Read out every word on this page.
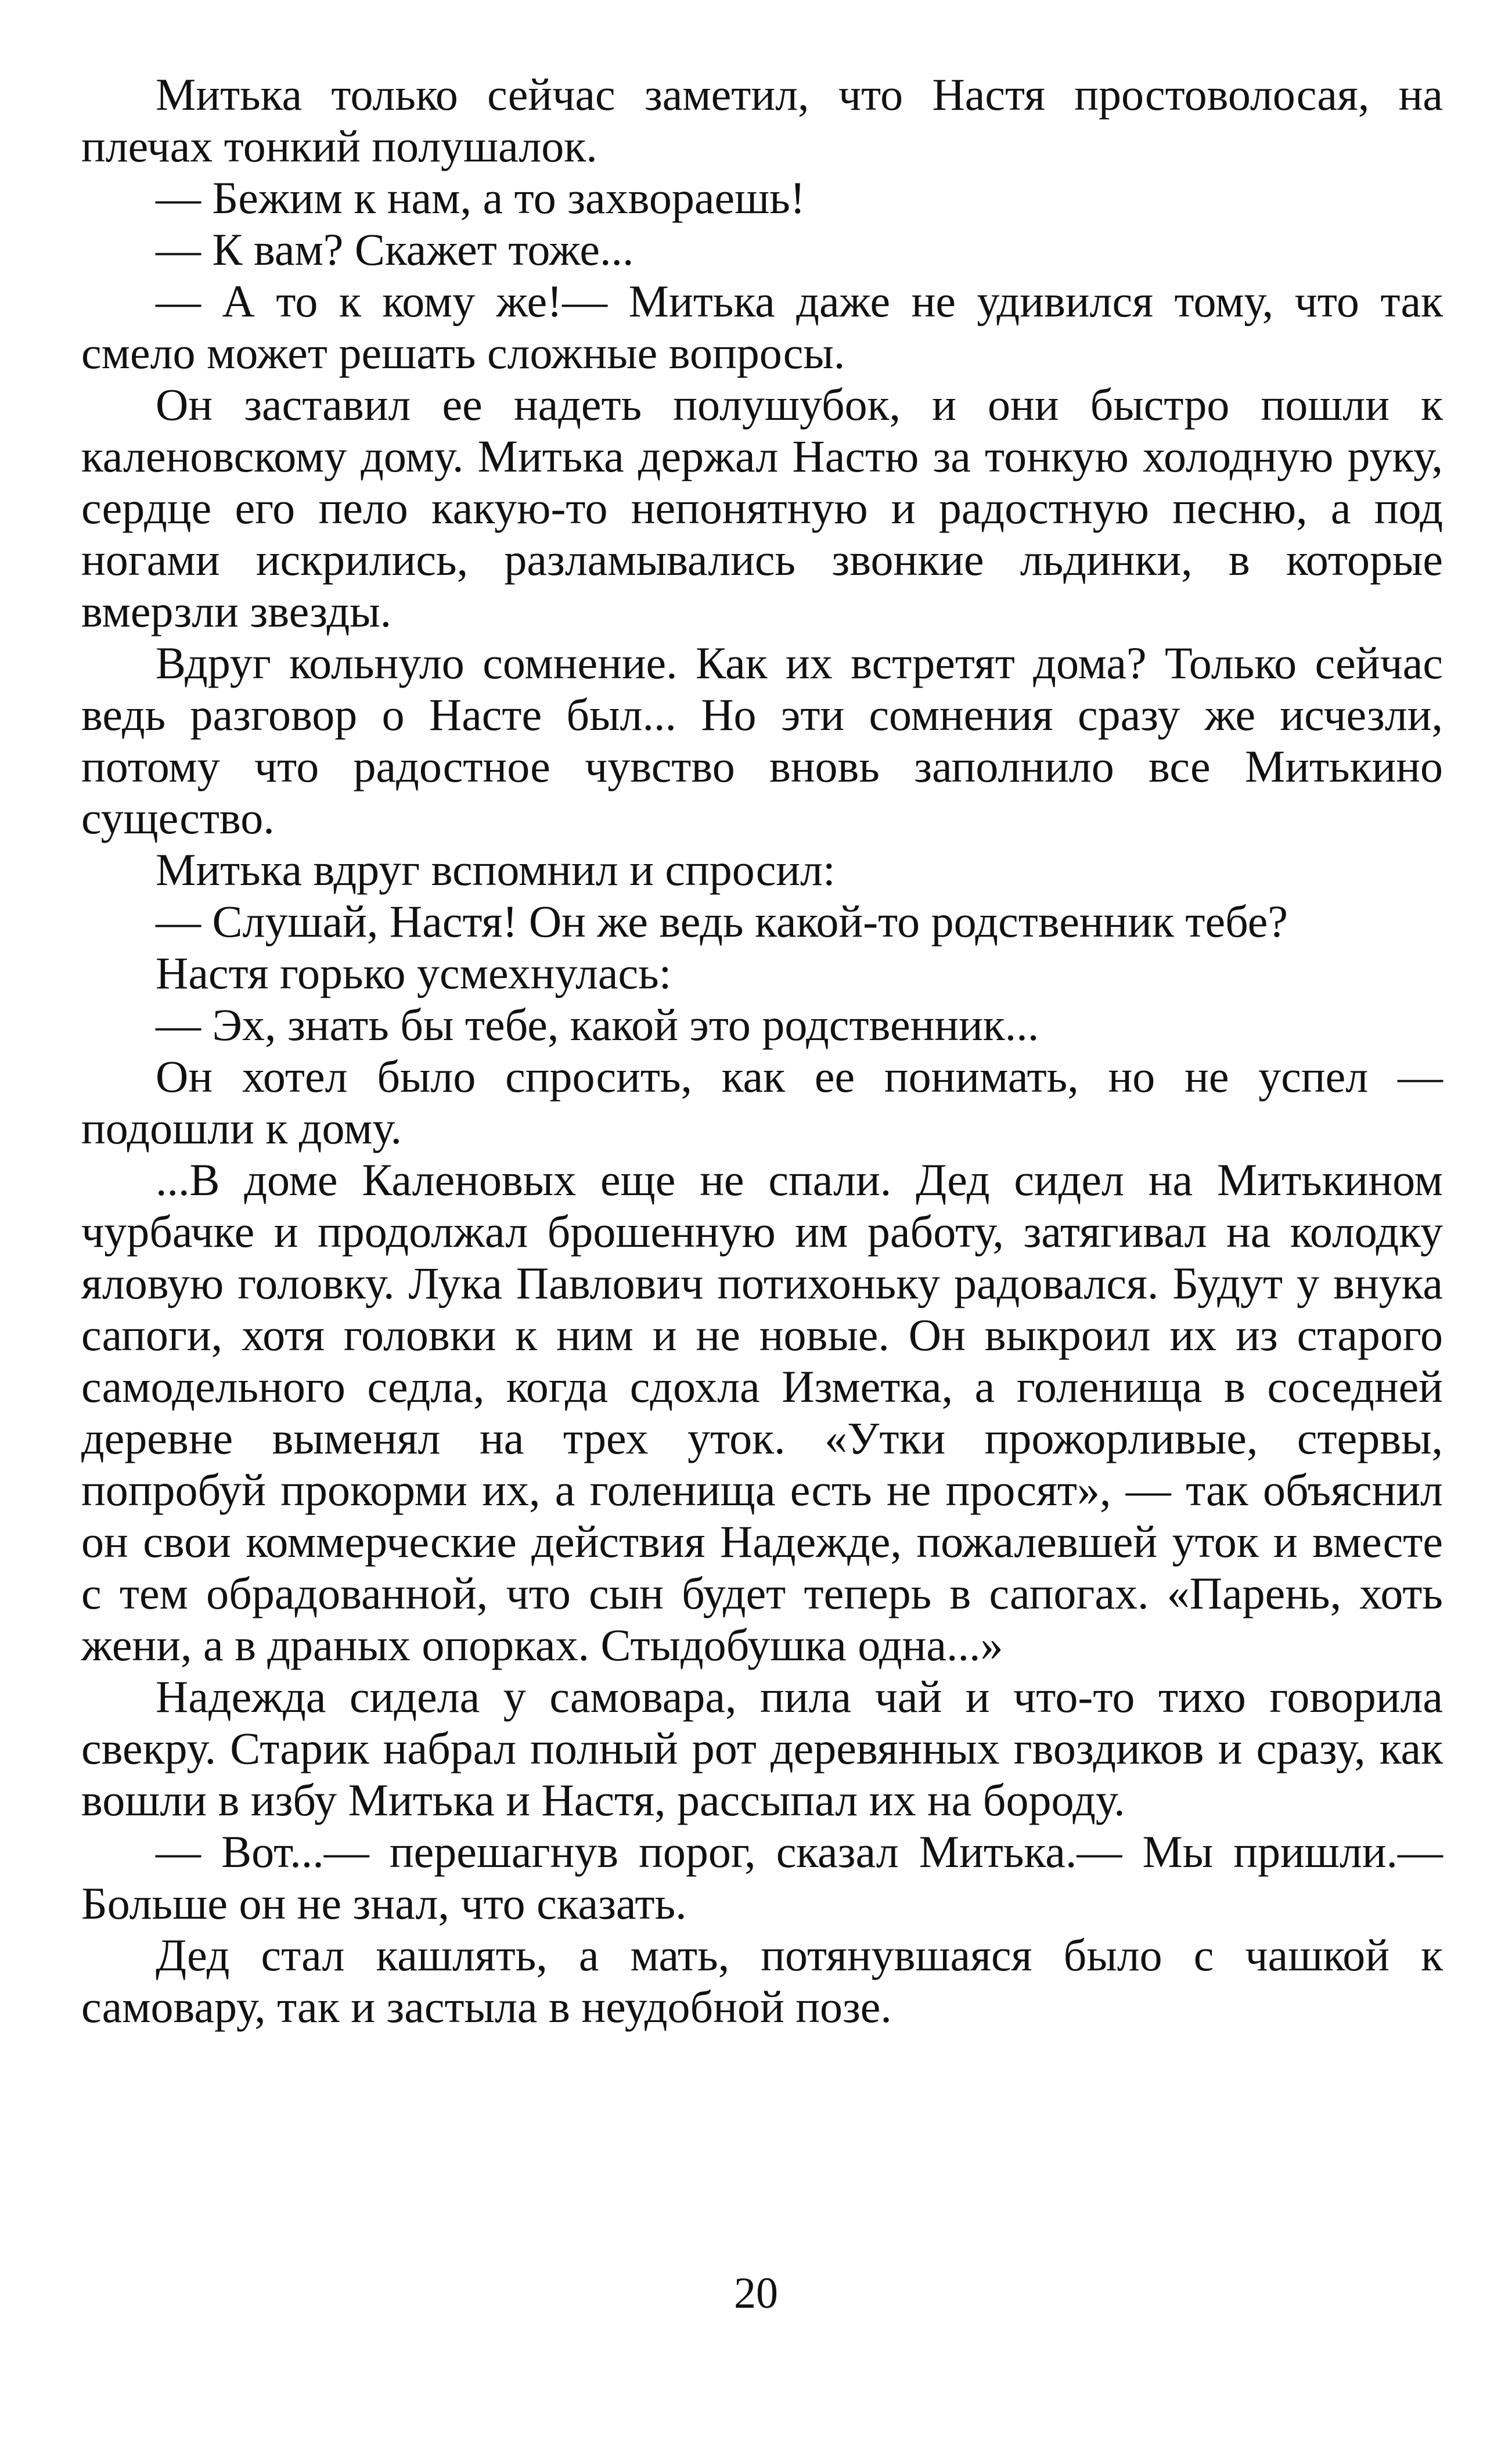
Митька только сейчас заметил, что Настя простоволосая, на плечах тонкий полушалок.

— Бежим к нам, а то захвораешь!

— К вам? Скажет тоже...

— А то к кому же!— Митька даже не удивился тому, что так смело может решать сложные вопросы.

Он заставил ее надеть полушубок, и они быстро пошли к каленовскому дому. Митька держал Настю за тонкую холодную руку, сердце его пело какую-то непонятную и радостную песню, а под ногами искрились, разламывались звонкие льдинки, в которые вмерзли звезды.

Вдруг кольнуло сомнение. Как их встретят дома? Только сейчас ведь разговор о Насте был... Но эти сомнения сразу же исчезли, потому что радостное чувство вновь заполнило все Митькино существо.

Митька вдруг вспомнил и спросил:

— Слушай, Настя! Он же ведь какой-то родственник тебе?

Настя горько усмехнулась:

— Эх, знать бы тебе, какой это родственник...

Он хотел было спросить, как ее понимать, но не успел — подошли к дому.

...В доме Каленовых еще не спали. Дед сидел на Митькином чурбачке и продолжал брошенную им работу, затягивал на колодку яловую головку. Лука Павлович потихоньку радовался. Будут у внука сапоги, хотя головки к ним и не новые. Он выкроил их из старого самодельного седла, когда сдохла Изметка, а голенища в соседней деревне выменял на трех уток. «Утки прожорливые, стервы, попробуй прокорми их, а голенища есть не просят», — так объяснил он свои коммерческие действия Надежде, пожалевшей уток и вместе с тем обрадованной, что сын будет теперь в сапогах. «Парень, хоть жени, а в драных опорках. Стыдобушка одна...»

Надежда сидела у самовара, пила чай и что-то тихо говорила свекру. Старик набрал полный рот деревянных гвоздиков и сразу, как вошли в избу Митька и Настя, рассыпал их на бороду.

— Вот...— перешагнув порог, сказал Митька.— Мы пришли.— Больше он не знал, что сказать.

Дед стал кашлять, а мать, потянувшаяся было с чашкой к самовару, так и застыла в неудобной позе.

20
